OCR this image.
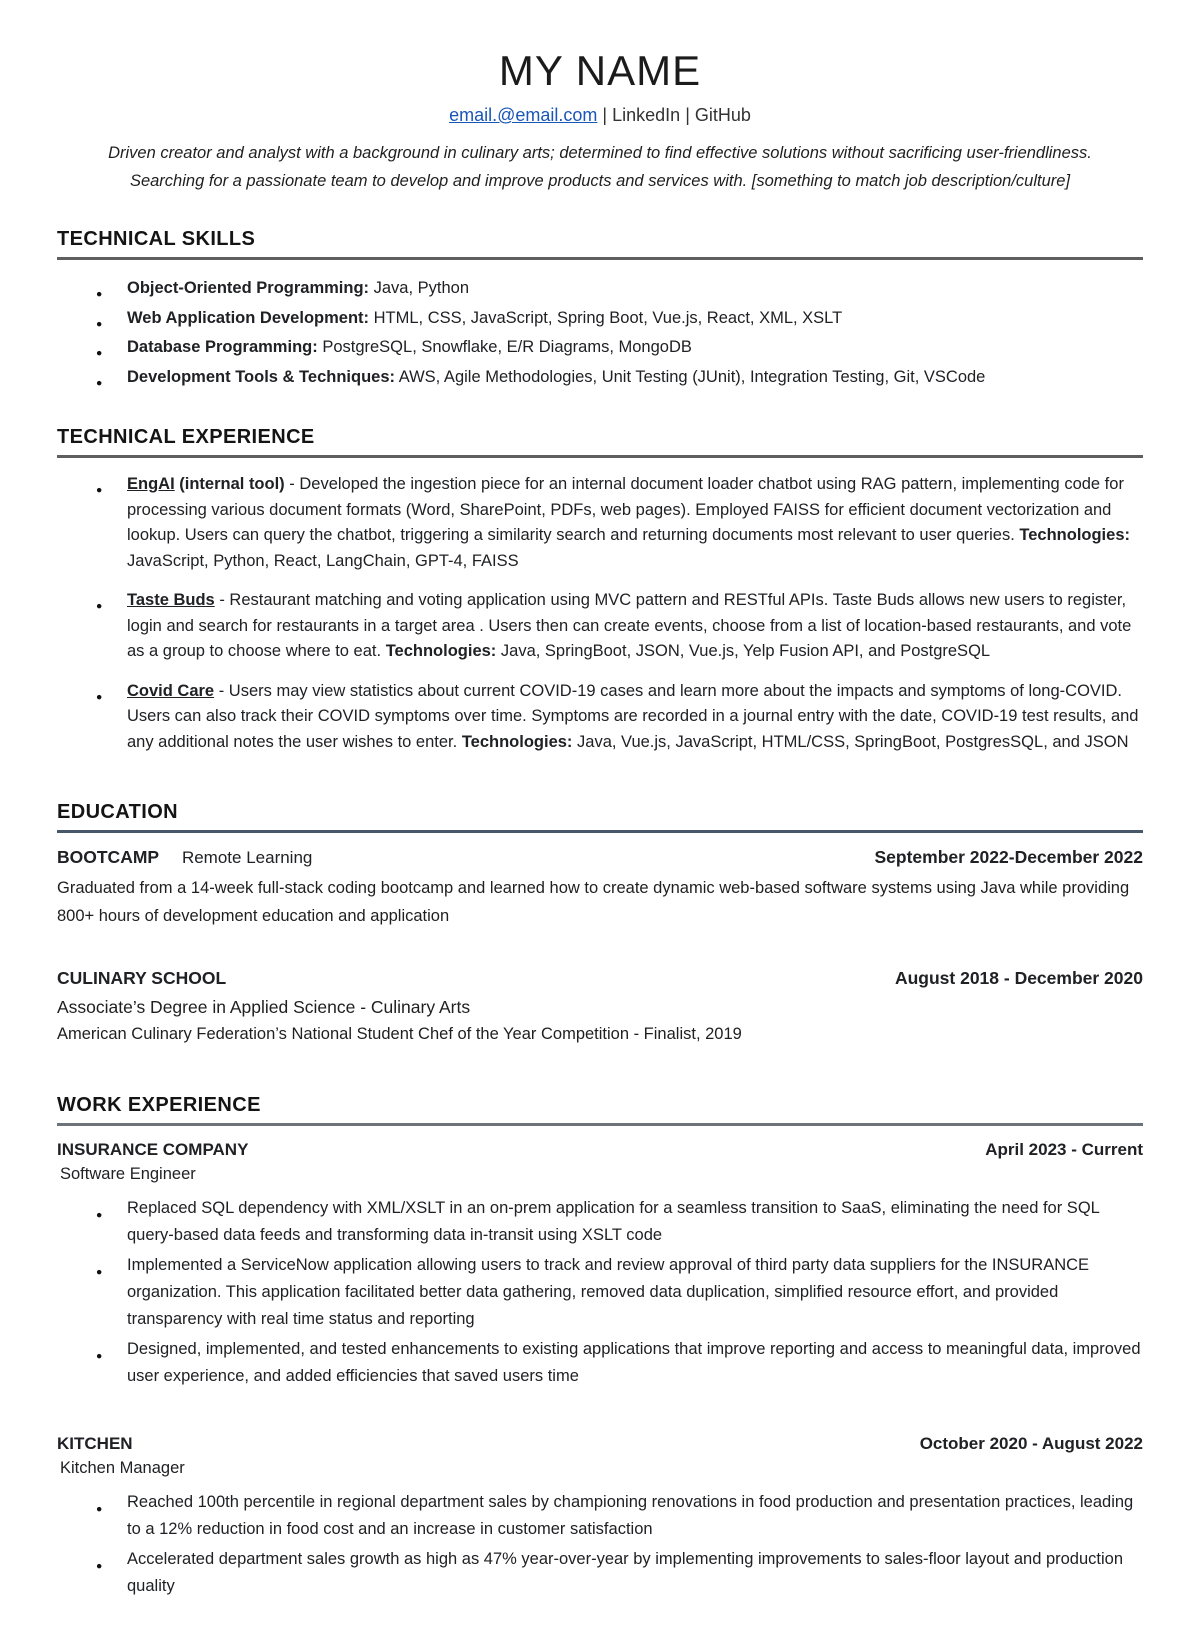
MY NAME
email.@email.com | LinkedIn | GitHub
Driven creator and analyst with a background in culinary arts; determined to find effective solutions without sacrificing user-friendliness.
Searching for a passionate team to develop and improve products and services with. [something to match job description/culture]
TECHNICAL SKILLS
● Object-Oriented Programming: Java, Python
● Web Application Development: HTML, CSS, JavaScript, Spring Boot, Vue.js, React, XML, XSLT
● Database Programming: PostgreSQL, Snowflake, E/R Diagrams, MongoDB
● Development Tools & Techniques: AWS, Agile Methodologies, Unit Testing (JUnit), Integration Testing, Git, VSCode
TECHNICAL EXPERIENCE
● EngAI (internal tool) - Developed the ingestion piece for an internal document loader chatbot using RAG pattern, implementing code for processing various document formats (Word, SharePoint, PDFs, web pages). Employed FAISS for efficient document vectorization and lookup. Users can query the chatbot, triggering a similarity search and returning documents most relevant to user queries. Technologies: JavaScript, Python, React, LangChain, GPT-4, FAISS
● Taste Buds - Restaurant matching and voting application using MVC pattern and RESTful APIs. Taste Buds allows new users to register, login and search for restaurants in a target area . Users then can create events, choose from a list of location-based restaurants, and vote as a group to choose where to eat. Technologies: Java, SpringBoot, JSON, Vue.js, Yelp Fusion API, and PostgreSQL
● Covid Care - Users may view statistics about current COVID-19 cases and learn more about the impacts and symptoms of long-COVID. Users can also track their COVID symptoms over time. Symptoms are recorded in a journal entry with the date, COVID-19 test results, and any additional notes the user wishes to enter. Technologies: Java, Vue.js, JavaScript, HTML/CSS, SpringBoot, PostgresSQL, and JSON
EDUCATION
BOOTCAMP Remote Learning	September 2022-December 2022
Graduated from a 14-week full-stack coding bootcamp and learned how to create dynamic web-based software systems using Java while providing 800+ hours of development education and application
CULINARY SCHOOL	August 2018 - December 2020
Associate’s Degree in Applied Science - Culinary Arts
American Culinary Federation’s National Student Chef of the Year Competition - Finalist, 2019
WORK EXPERIENCE
INSURANCE COMPANY	April 2023 - Current
Software Engineer
● Replaced SQL dependency with XML/XSLT in an on-prem application for a seamless transition to SaaS, eliminating the need for SQL query-based data feeds and transforming data in-transit using XSLT code
● Implemented a ServiceNow application allowing users to track and review approval of third party data suppliers for the INSURANCE organization. This application facilitated better data gathering, removed data duplication, simplified resource effort, and provided transparency with real time status and reporting
● Designed, implemented, and tested enhancements to existing applications that improve reporting and access to meaningful data, improved user experience, and added efficiencies that saved users time
KITCHEN	October 2020 - August 2022
Kitchen Manager
● Reached 100th percentile in regional department sales by championing renovations in food production and presentation practices, leading to a 12% reduction in food cost and an increase in customer satisfaction
● Accelerated department sales growth as high as 47% year-over-year by implementing improvements to sales-floor layout and production quality
